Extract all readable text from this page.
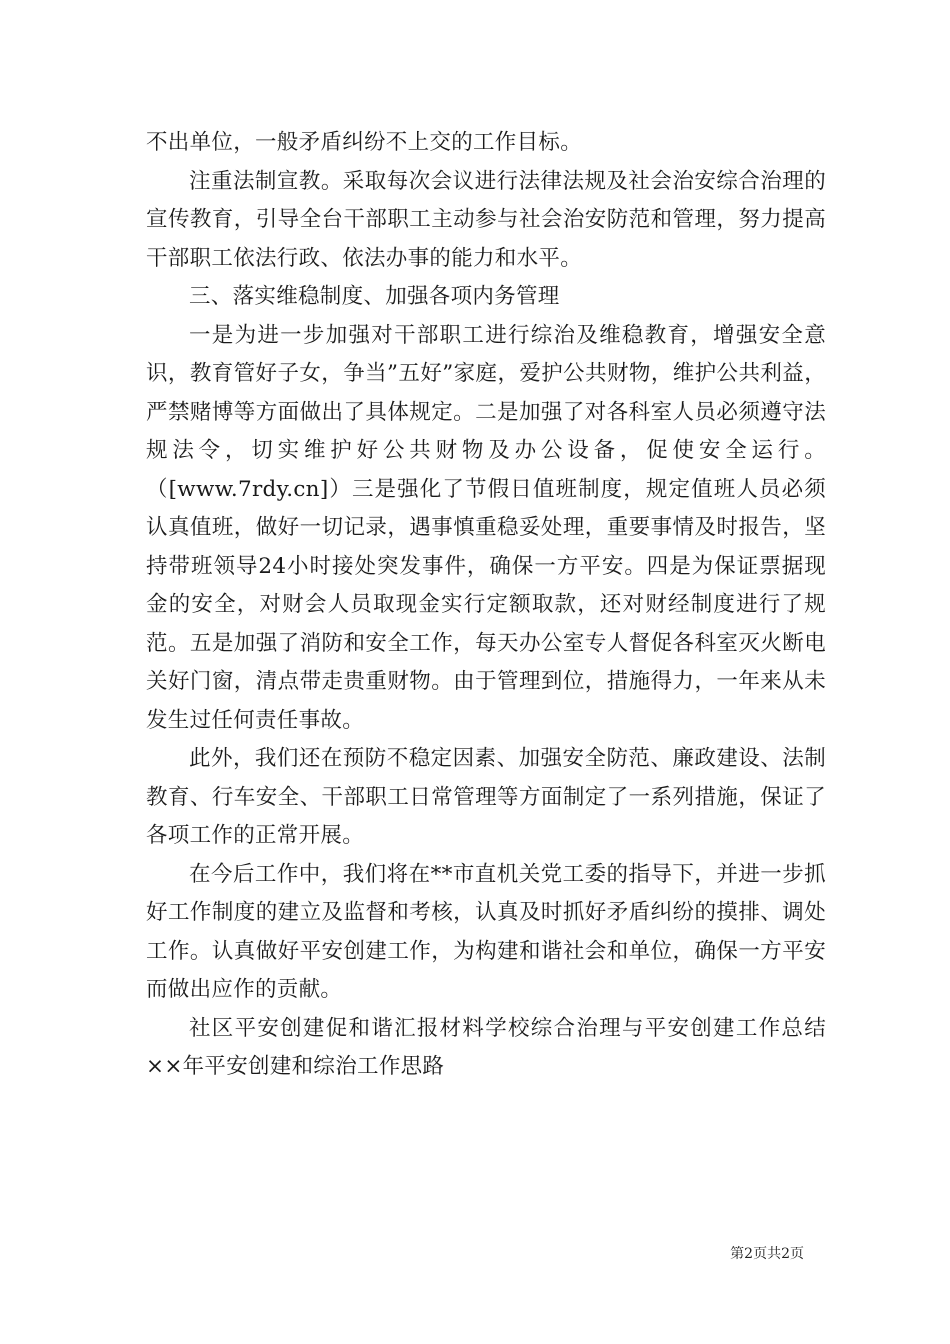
不出单位，一般矛盾纠纷不上交的工作目标。

注重法制宣教。采取每次会议进行法律法规及社会治安综合治理的宣传教育，引导全台干部职工主动参与社会治安防范和管理，努力提高干部职工依法行政、依法办事的能力和水平。

三、落实维稳制度、加强各项内务管理

一是为进一步加强对干部职工进行综治及维稳教育，增强安全意识，教育管好子女，争当”五好”家庭，爱护公共财物，维护公共利益，严禁赌博等方面做出了具体规定。二是加强了对各科室人员必须遵守法规法令，切实维护好公共财物及办公设备，促使安全运行。（[www.7rdy.cn]）三是强化了节假日值班制度，规定值班人员必须认真值班，做好一切记录，遇事慎重稳妥处理，重要事情及时报告，坚持带班领导24小时接处突发事件，确保一方平安。四是为保证票据现金的安全，对财会人员取现金实行定额取款，还对财经制度进行了规范。五是加强了消防和安全工作，每天办公室专人督促各科室灭火断电关好门窗，清点带走贵重财物。由于管理到位，措施得力，一年来从未发生过任何责任事故。

此外，我们还在预防不稳定因素、加强安全防范、廉政建设、法制教育、行车安全、干部职工日常管理等方面制定了一系列措施，保证了各项工作的正常开展。

在今后工作中，我们将在**市直机关党工委的指导下，并进一步抓好工作制度的建立及监督和考核，认真及时抓好矛盾纠纷的摸排、调处工作。认真做好平安创建工作，为构建和谐社会和单位，确保一方平安而做出应作的贡献。

社区平安创建促和谐汇报材料学校综合治理与平安创建工作总结××年平安创建和综治工作思路

第2页共2页
